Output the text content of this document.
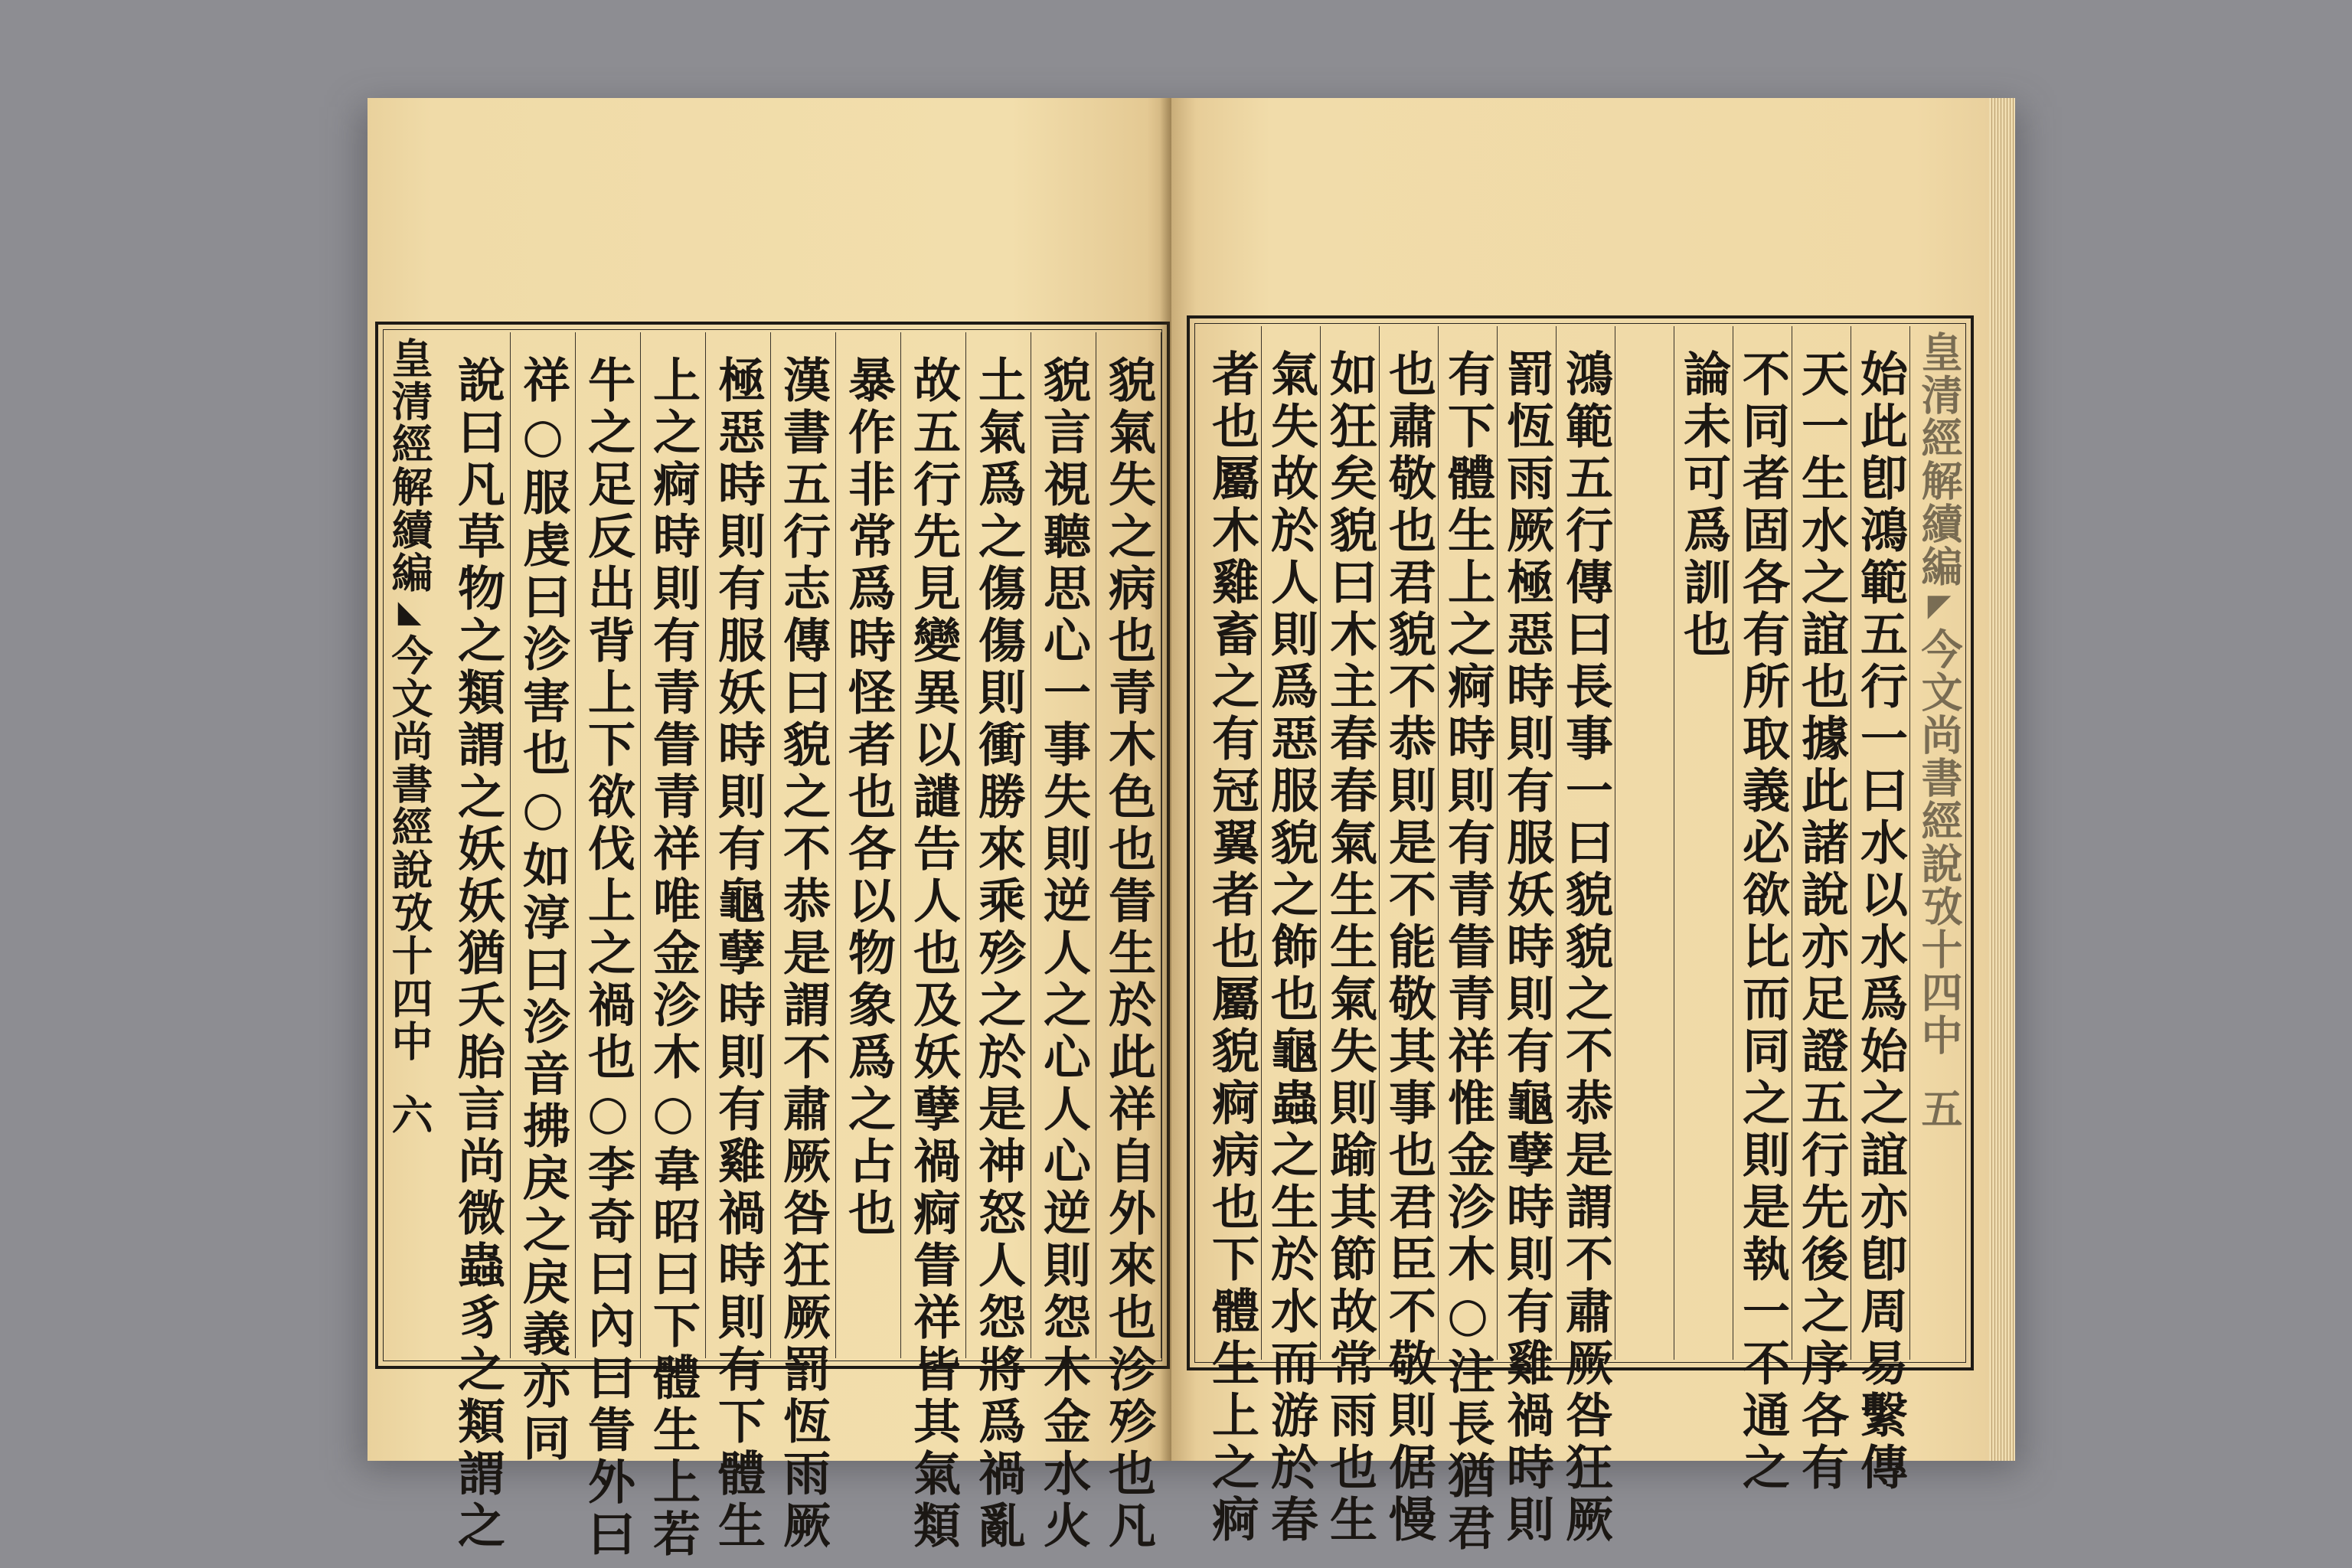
皇清經解續編
◣
今文尚書經說攷十四中
六	貌氣失之病也青木色也眚生於此祥自外來也沴殄也凡
貌言視聽思心一事失則逆人之心人心逆則怨木金水火
土氣爲之傷傷則衝勝來乘殄之於是神怒人怨將爲禍亂
故五行先見變異以譴告人也及妖孽禍痾眚祥皆其氣類
暴作非常爲時怪者也各以物象爲之占也
漢書五行志傳曰貌之不恭是謂不肅厥咎狂厥罰恆雨厥
極惡時則有服妖時則有龜孽時則有雞禍時則有下體生
上之痾時則有青眚青祥唯金沴木○韋昭曰下體生上若
牛之足反出背上下欲伐上之禍也○李奇曰內曰眚外曰
祥○服虔曰沴害也○如淳曰沴音拂戾之戾義亦同
說曰凡草物之類謂之妖妖猶夭胎言尚微蟲豸之類謂之	始此卽鴻範五行一曰水以水爲始之誼亦卽周易繫傳
天一生水之誼也據此諸說亦足證五行先後之序各有
不同者固各有所取義必欲比而同之則是執一不通之
論未可爲訓也
鴻範五行傳曰長事一曰貌貌之不恭是謂不肅厥咎狂厥
罰恆雨厥極惡時則有服妖時則有龜孽時則有雞禍時則
有下體生上之痾時則有青眚青祥惟金沴木○注長猶君
也肅敬也君貌不恭則是不能敬其事也君臣不敬則倨慢
如狂矣貌曰木主春春氣生生氣失則踰其節故常雨也生
氣失故於人則爲惡服貌之飾也龜蟲之生於水而游於春
者也屬木雞畜之有冠翼者也屬貌痾病也下體生上之痾	皇清經解續編
◤
今文尚書經說攷十四中
五
